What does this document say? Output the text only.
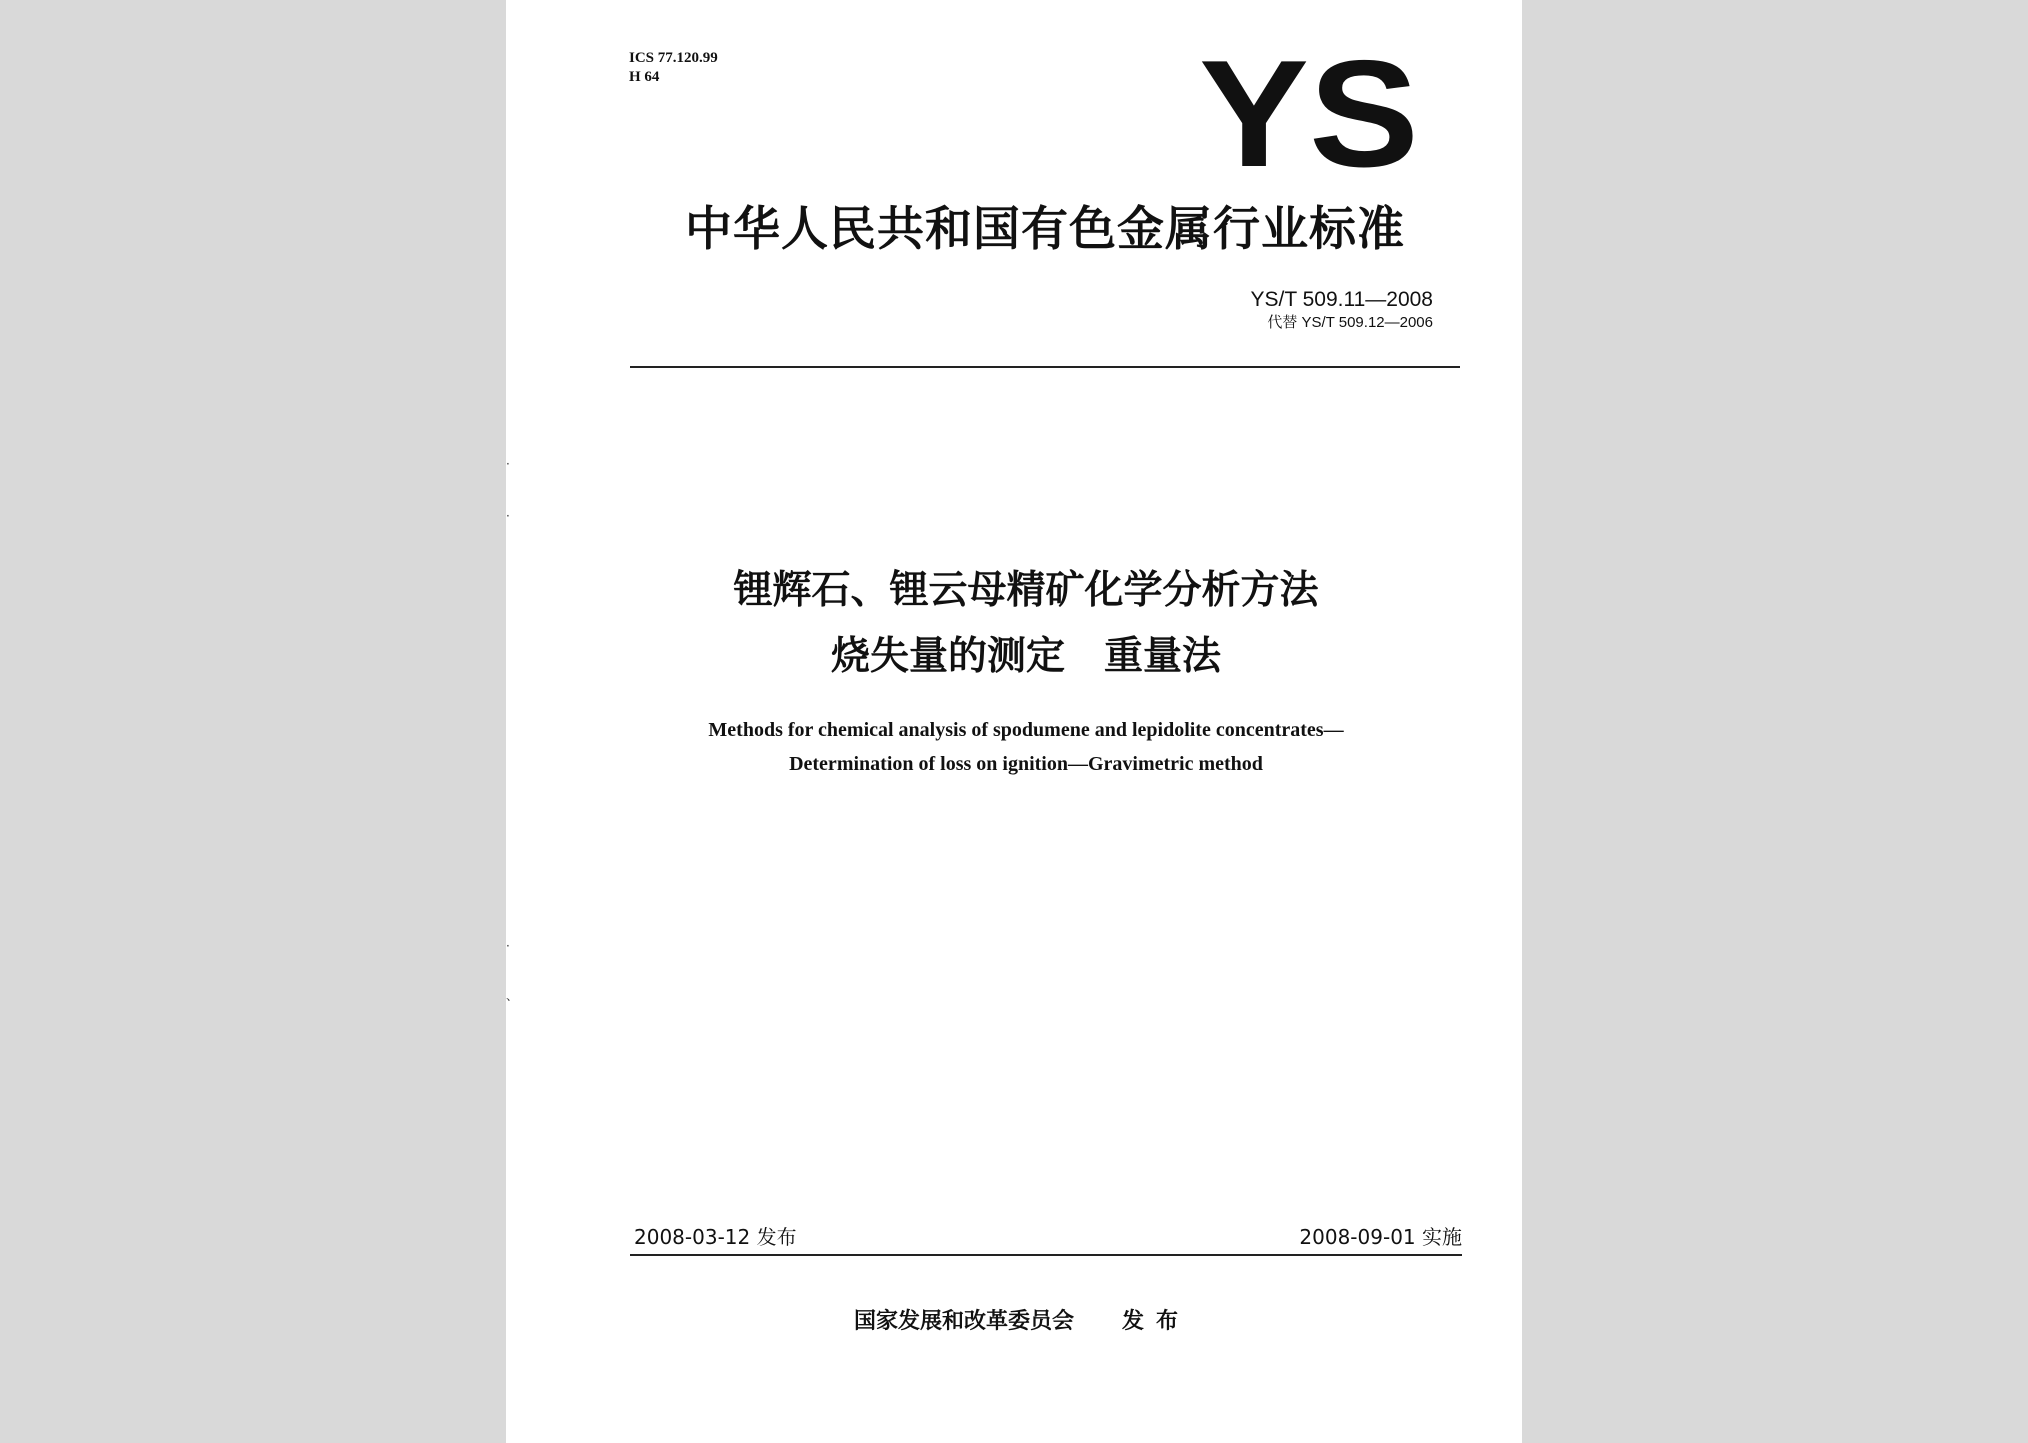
ICS 77.120.99
H 64	YS
中华人民共和国有色金属行业标准
YS/T 509.11—2008
代替 YS/T 509.12—2006
·
·
·
、
锂辉石、锂云母精矿化学分析方法
烧失量的测定　重量法
Methods for chemical analysis of spodumene and lepidolite concentrates—
Determination of loss on ignition—Gravimetric method
2008-03-12 发布	2008-09-01 实施
国家发展和改革委员会 发布
